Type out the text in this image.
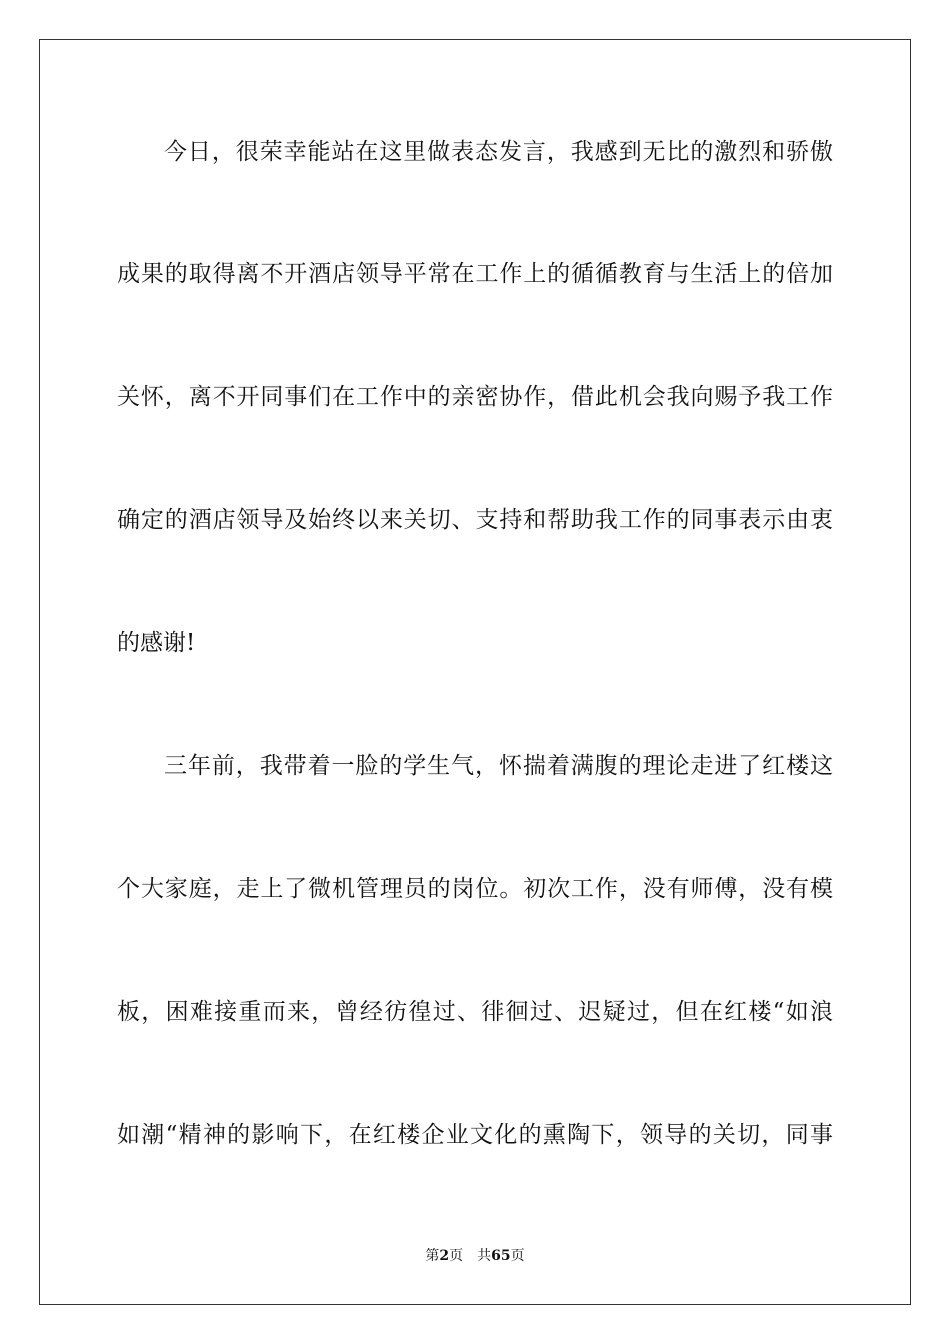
今日，很荣幸能站在这里做表态发言，我感到无比的激烈和骄傲
成果的取得离不开酒店领导平常在工作上的循循教育与生活上的倍加
关怀，离不开同事们在工作中的亲密协作，借此机会我向赐予我工作
确定的酒店领导及始终以来关切、支持和帮助我工作的同事表示由衷
的感谢!
三年前，我带着一脸的学生气，怀揣着满腹的理论走进了红楼这
个大家庭，走上了微机管理员的岗位。初次工作，没有师傅，没有模
板，困难接重而来，曾经彷徨过、徘徊过、迟疑过，但在红楼“如浪
如潮“精神的影响下，在红楼企业文化的熏陶下，领导的关切，同事
第2页 共65页
